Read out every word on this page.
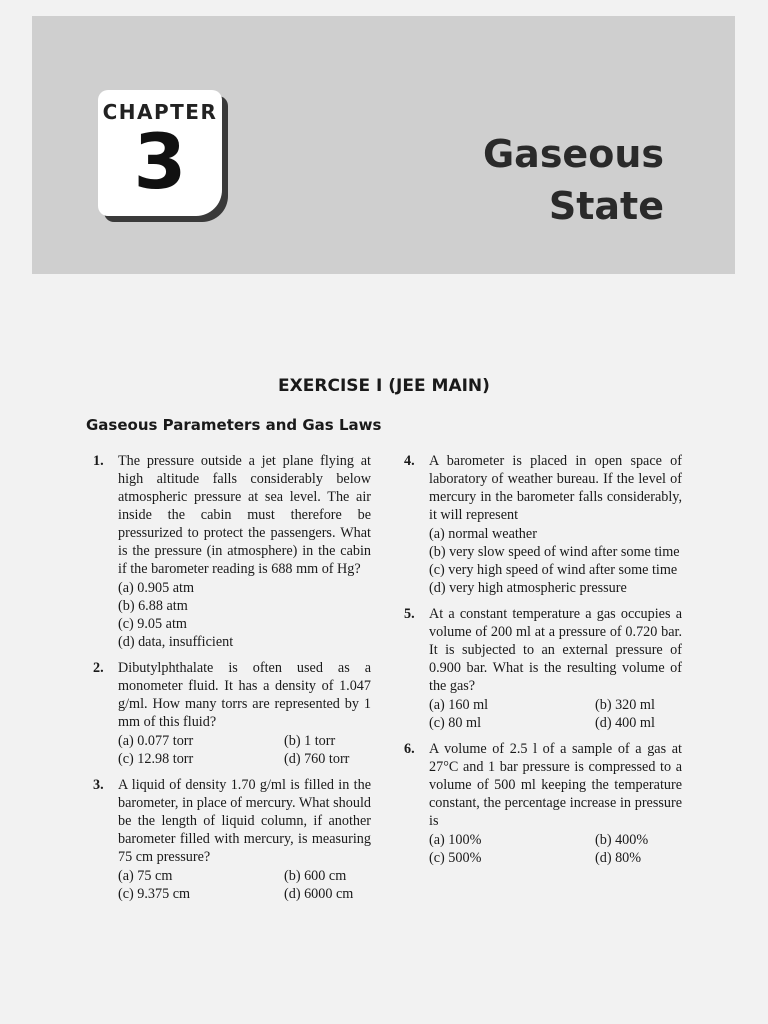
CHAPTER
3	Gaseous
State
EXERCISE I (JEE MAIN)
Gaseous Parameters and Gas Laws
1. The pressure outside a jet plane flying at high altitude falls considerably below atmospheric pressure at sea level. The air inside the cabin must therefore be pressurized to protect the passengers. What is the pressure (in atmosphere) in the cabin if the barometer reading is 688 mm of Hg?
(a) 0.905 atm
(b) 6.88 atm
(c) 9.05 atm
(d) data, insufficient
2. Dibutylphthalate is often used as a monometer fluid. It has a density of 1.047 g/ml. How many torrs are represented by 1 mm of this fluid?
(a) 0.077 torr	(b) 1 torr
(c) 12.98 torr	(d) 760 torr
3. A liquid of density 1.70 g/ml is filled in the barometer, in place of mercury. What should be the length of liquid column, if another barometer filled with mercury, is measuring 75 cm pressure?
(a) 75 cm	(b) 600 cm
(c) 9.375 cm	(d) 6000 cm
4. A barometer is placed in open space of laboratory of weather bureau. If the level of mercury in the barometer falls considerably, it will represent
(a) normal weather
(b) very slow speed of wind after some time
(c) very high speed of wind after some time
(d) very high atmospheric pressure
5. At a constant temperature a gas occupies a volume of 200 ml at a pressure of 0.720 bar. It is subjected to an external pressure of 0.900 bar. What is the resulting volume of the gas?
(a) 160 ml	(b) 320 ml
(c) 80 ml	(d) 400 ml
6. A volume of 2.5 l of a sample of a gas at 27°C and 1 bar pressure is compressed to a volume of 500 ml keeping the temperature constant, the percentage increase in pressure is
(a) 100%	(b) 400%
(c) 500%	(d) 80%
